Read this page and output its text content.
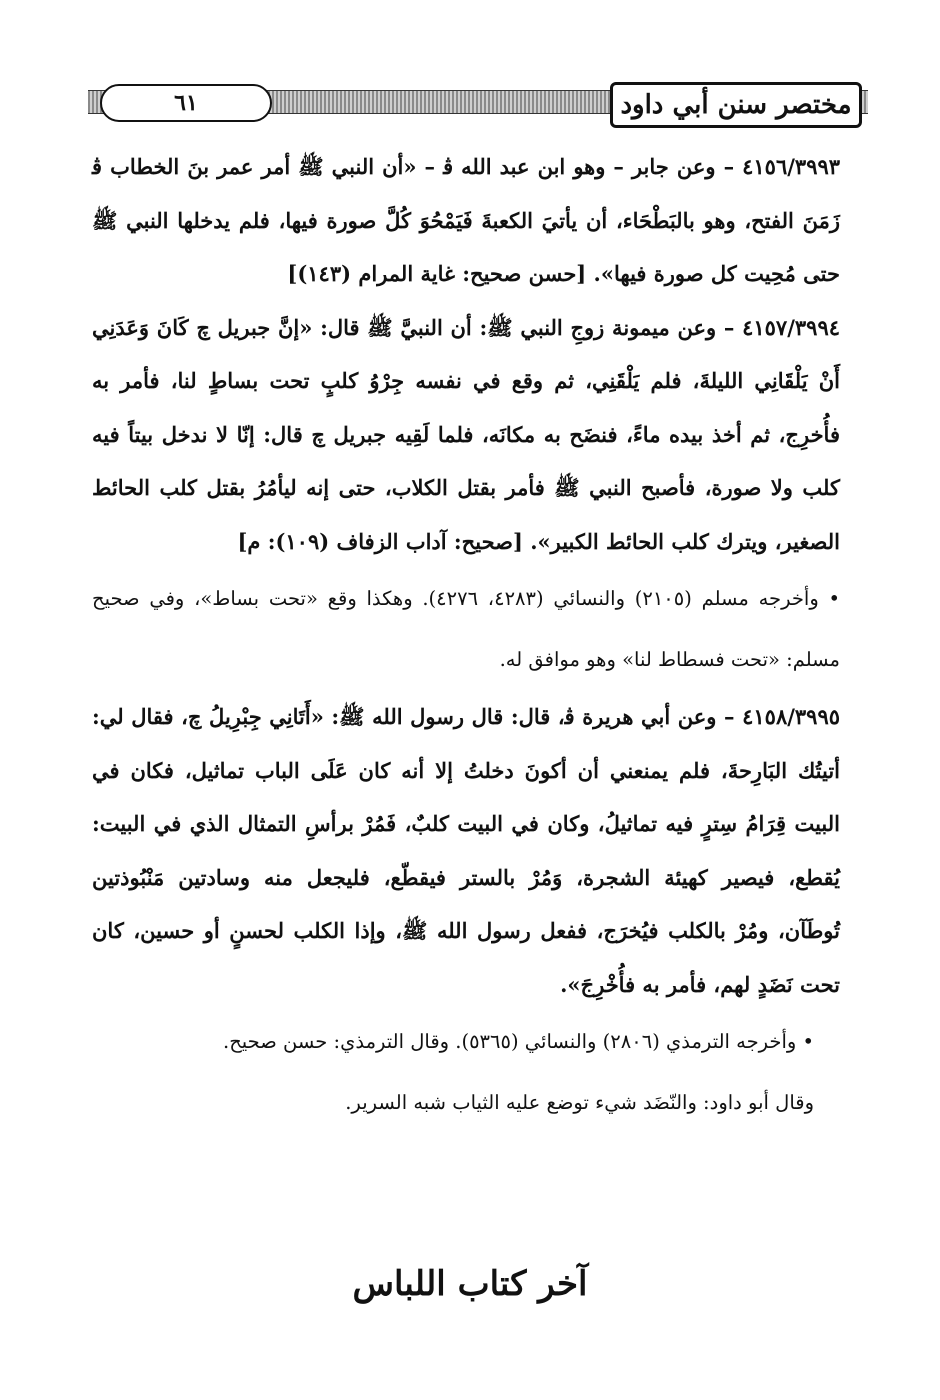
٦١	مختصر سنن أبي داود

٤١٥٦/٣٩٩٣ – وعن جابر – وهو ابن عبد الله ﭬ – «أن النبي ﷺ أمر عمر بنَ الخطاب ﭬ زَمَنَ الفتح، وهو بالبَطْحَاء، أن يأتيَ الكعبةَ فَيَمْحُوَ كُلَّ صورة فيها، فلم يدخلها النبي ﷺ حتى مُحِيت كل صورة فيها». [حسن صحيح: غاية المرام (١٤٣)]

٤١٥٧/٣٩٩٤ – وعن ميمونة زوجِ النبي ﷺ: أن النبيَّ ﷺ قال: «إنَّ جبريل ﭺ كَانَ وَعَدَنِي أَنْ يَلْقَانِي الليلةَ، فلم يَلْقَنِي، ثم وقع في نفسه جِرْوُ كلبٍ تحت بساطٍ لنا، فأمر به فأُخرِج، ثم أخذ بيده ماءً، فنضَح به مكانَه، فلما لَقِيه جبريل ﭺ قال: إنّا لا ندخل بيتاً فيه كلب ولا صورة، فأصبح النبي ﷺ فأمر بقتل الكلاب، حتى إنه ليأمُرُ بقتل كلب الحائط الصغير، ويترك كلب الحائط الكبير». [صحيح: آداب الزفاف (١٠٩): م]

• وأخرجه مسلم (٢١٠٥) والنسائي (٤٢٨٣، ٤٢٧٦). وهكذا وقع «تحت بساط»، وفي صحيح مسلم: «تحت فسطاط لنا» وهو موافق له.

٤١٥٨/٣٩٩٥ – وعن أبي هريرة ﭬ، قال: قال رسول الله ﷺ: «أَتَانِي جِبْرِيلُ ﭺ، فقال لي: أتيتُك البَارِحةَ، فلم يمنعني أن أكونَ دخلتُ إلا أنه كان عَلَى الباب تماثيل، فكان في البيت قِرَامُ سِترٍ فيه تماثيلُ، وكان في البيت كلبٌ، فَمُرْ برأسِ التمثال الذي في البيت: يُقطع، فيصير كهيئة الشجرة، وَمُرْ بالستر فيقطّع، فليجعل منه وسادتين مَنْبُوذتين تُوطَآن، ومُرْ بالكلب فيُخرَج، ففعل رسول الله ﷺ، وإذا الكلب لحسنٍ أو حسين، كان تحت نَضَدٍ لهم، فأمر به فأُخْرِجَ».

• وأخرجه الترمذي (٢٨٠٦) والنسائي (٥٣٦٥). وقال الترمذي: حسن صحيح.

وقال أبو داود: والنّضَد شيء توضع عليه الثياب شبه السرير.

آخر كتاب اللباس
